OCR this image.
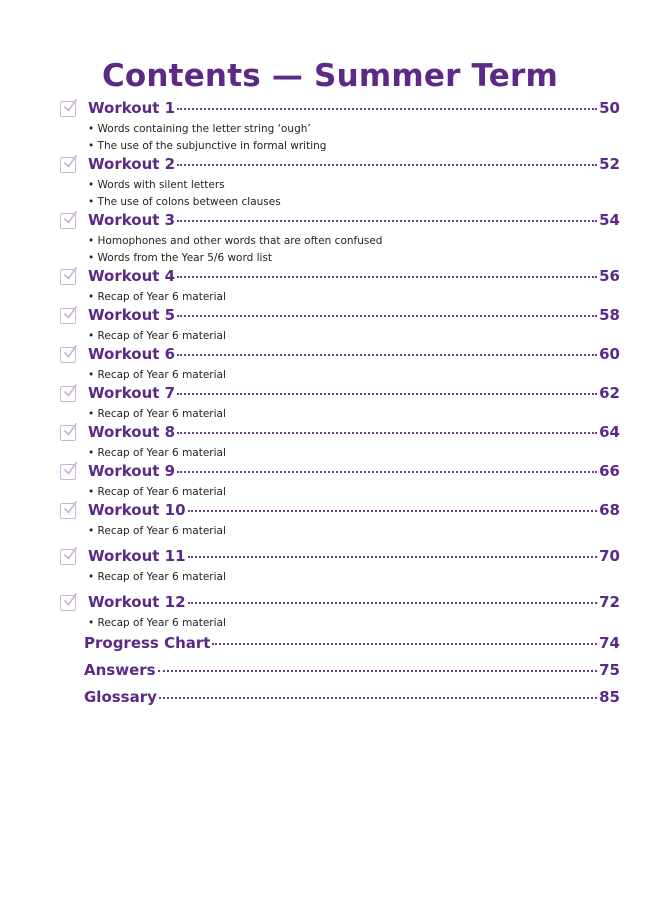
Contents — Summer Term
Workout 1	50
• Words containing the letter string ‘ough’
• The use of the subjunctive in formal writing
Workout 2	52
• Words with silent letters
• The use of colons between clauses
Workout 3	54
• Homophones and other words that are often confused
• Words from the Year 5/6 word list
Workout 4	56
• Recap of Year 6 material
Workout 5	58
• Recap of Year 6 material
Workout 6	60
• Recap of Year 6 material
Workout 7	62
• Recap of Year 6 material
Workout 8	64
• Recap of Year 6 material
Workout 9	66
• Recap of Year 6 material
Workout 10	68
• Recap of Year 6 material
Workout 11	70
• Recap of Year 6 material
Workout 12	72
• Recap of Year 6 material
Progress Chart	74
Answers	75
Glossary	85
